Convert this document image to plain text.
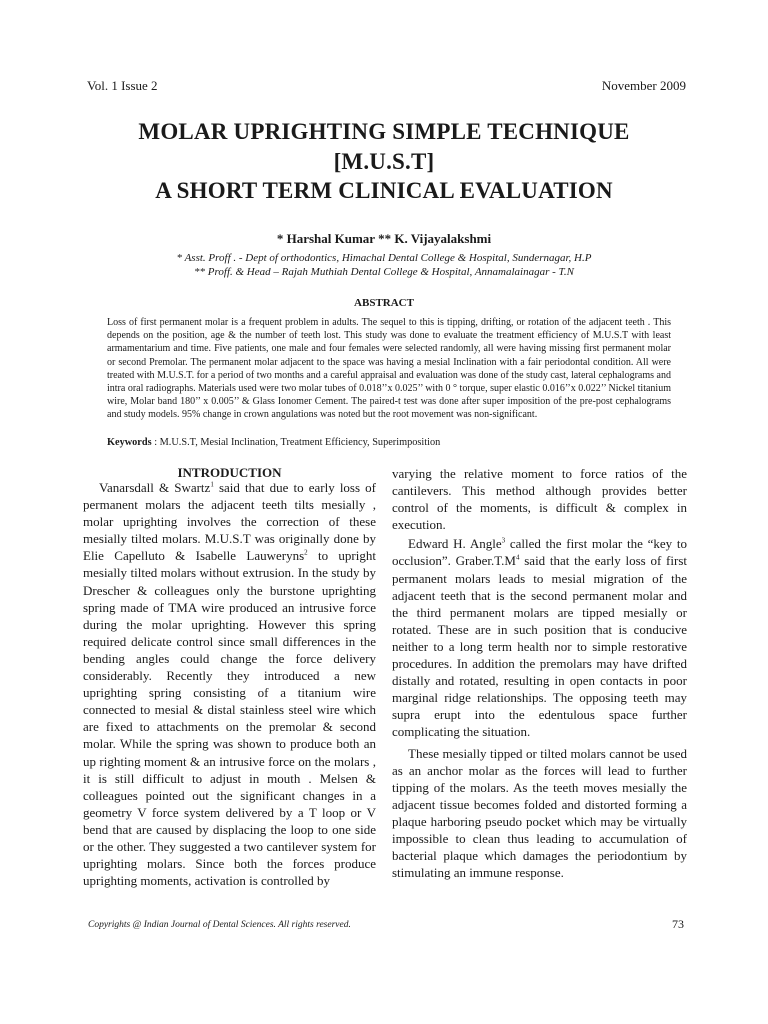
Vol. 1 Issue 2	November 2009
MOLAR UPRIGHTING SIMPLE TECHNIQUE
[M.U.S.T]
A SHORT TERM CLINICAL EVALUATION
* Harshal Kumar ** K. Vijayalakshmi
* Asst. Proff . - Dept of orthodontics, Himachal Dental College & Hospital, Sundernagar, H.P
** Proff. & Head – Rajah Muthiah Dental College & Hospital, Annamalainagar - T.N
ABSTRACT

Loss of first permanent molar is a frequent problem in adults. The sequel to this is tipping, drifting, or rotation of the adjacent teeth . This depends on the position, age & the number of teeth lost. This study was done to evaluate the treatment efficiency of M.U.S.T with least armamentarium and time. Five patients, one male and four females were selected randomly, all were having missing first permanent molar or second Premolar. The permanent molar adjacent to the space was having a mesial Inclination with a fair periodontal condition. All were treated with M.U.S.T. for a period of two months and a careful appraisal and evaluation was done of the study cast, lateral cephalograms and intra oral radiographs. Materials used were two molar tubes of 0.018’’x 0.025’’ with 0 ° torque, super elastic 0.016’’x 0.022’’ Nickel titanium wire, Molar band 180’’ x 0.005’’ & Glass Ionomer Cement. The paired-t test was done after super imposition of the pre-post cephalograms and study models. 95% change in crown angulations was noted but the root movement was non-significant.

Keywords : M.U.S.T, Mesial Inclination, Treatment Efficiency, Superimposition
INTRODUCTION

Vanarsdall & Swartz$^1$ said that due to early loss of permanent molars the adjacent teeth tilts mesially , molar uprighting involves the correction of these mesially tilted molars. M.U.S.T was originally done by Elie Capelluto & Isabelle Lauweryns$^2$ to upright mesially tilted molars without extrusion. In the study by Drescher & colleagues only the burstone uprighting spring made of TMA wire produced an intrusive force during the molar uprighting. However this spring required delicate control since small differences in the bending angles could change the force delivery considerably. Recently they introduced a new uprighting spring consisting of a titanium wire connected to mesial & distal stainless steel wire which are fixed to attachments on the premolar & second molar. While the spring was shown to produce both an up righting moment & an intrusive force on the molars , it is still difficult to adjust in mouth . Melsen & colleagues pointed out the significant changes in a geometry V force system delivered by a T loop or V bend that are caused by displacing the loop to one side or the other. They suggested a two cantilever system for uprighting molars. Since both the forces produce uprighting moments, activation is controlled by

varying the relative moment to force ratios of the cantilevers. This method although provides better control of the moments, is difficult & complex in execution.

Edward H. Angle$^3$ called the first molar the “key to occlusion”. $Graber.T.M^4$ said that the early loss of first permanent molars leads to mesial migration of the adjacent teeth that is the second permanent molar and the third permanent molars are tipped mesially or rotated. These are in such position that is conducive neither to a long term health nor to simple restorative procedures. In addition the premolars may have drifted distally and rotated, resulting in open contacts in poor marginal ridge relationships. The opposing teeth may supra erupt into the edentulous space further complicating the situation.

These mesially tipped or tilted molars cannot be used as an anchor molar as the forces will lead to further tipping of the molars. As the teeth moves mesially the adjacent tissue becomes folded and distorted forming a plaque harboring pseudo pocket which may be virtually impossible to clean thus leading to accumulation of bacterial plaque which damages the periodontium by stimulating an immune response.

Copyrights @ Indian Journal of Dental Sciences. All rights reserved.	73
